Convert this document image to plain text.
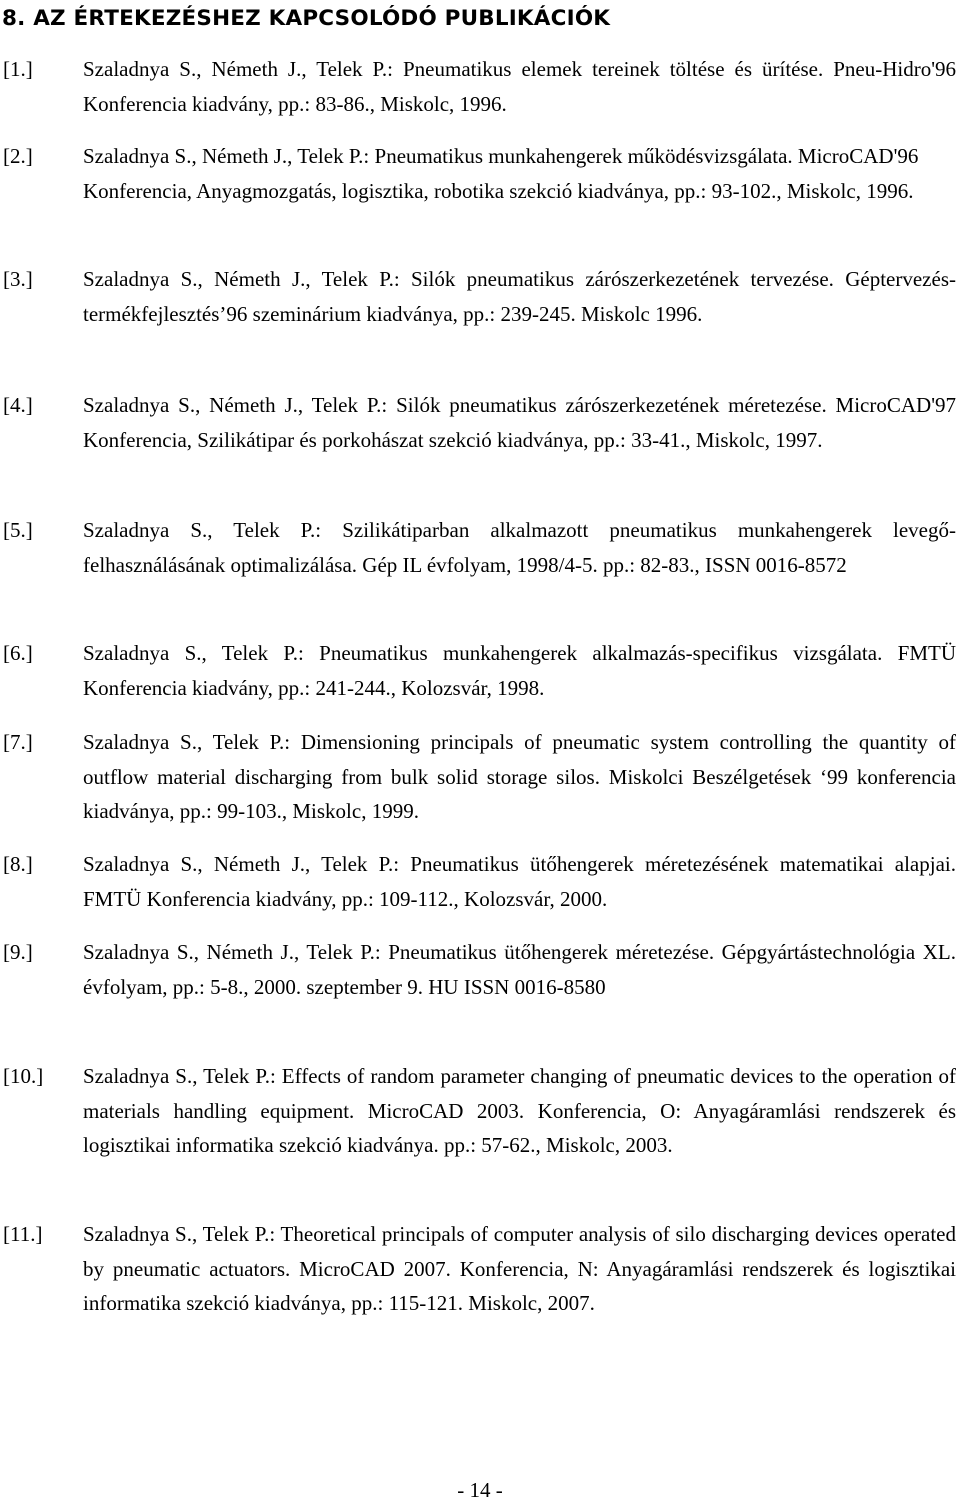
8. AZ ÉRTEKEZÉSHEZ KAPCSOLÓDÓ PUBLIKÁCIÓK
[1.] Szaladnya S., Németh J., Telek P.: Pneumatikus elemek tereinek töltése és ürítése. Pneu-Hidro'96 Konferencia kiadvány, pp.: 83-86., Miskolc, 1996.
[2.] Szaladnya S., Németh J., Telek P.: Pneumatikus munkahengerek működésvizsgálata. MicroCAD'96 Konferencia, Anyagmozgatás, logisztika, robotika szekció kiadványa, pp.: 93-102., Miskolc, 1996.
[3.] Szaladnya S., Németh J., Telek P.: Silók pneumatikus zárószerkezetének tervezése. Géptervezés-termékfejlesztés’96 szeminárium kiadványa, pp.: 239-245. Miskolc 1996.
[4.] Szaladnya S., Németh J., Telek P.: Silók pneumatikus zárószerkezetének méretezése. MicroCAD'97 Konferencia, Szilikátipar és porkohászat szekció kiadványa, pp.: 33-41., Miskolc, 1997.
[5.] Szaladnya S., Telek P.: Szilikátiparban alkalmazott pneumatikus munkahengerek levegő-felhasználásának optimalizálása. Gép IL évfolyam, 1998/4-5. pp.: 82-83., ISSN 0016-8572
[6.] Szaladnya S., Telek P.: Pneumatikus munkahengerek alkalmazás-specifikus vizsgálata. FMTÜ Konferencia kiadvány, pp.: 241-244., Kolozsvár, 1998.
[7.] Szaladnya S., Telek P.: Dimensioning principals of pneumatic system controlling the quantity of outflow material discharging from bulk solid storage silos. Miskolci Beszélgetések ‘99 konferencia kiadványa, pp.: 99-103., Miskolc, 1999.
[8.] Szaladnya S., Németh J., Telek P.: Pneumatikus ütőhengerek méretezésének matematikai alapjai. FMTÜ Konferencia kiadvány, pp.: 109-112., Kolozsvár, 2000.
[9.] Szaladnya S., Németh J., Telek P.: Pneumatikus ütőhengerek méretezése. Gépgyártástechnológia XL. évfolyam, pp.: 5-8., 2000. szeptember 9. HU ISSN 0016-8580
[10.] Szaladnya S., Telek P.: Effects of random parameter changing of pneumatic devices to the operation of materials handling equipment. MicroCAD 2003. Konferencia, O: Anyagáramlási rendszerek és logisztikai informatika szekció kiadványa. pp.: 57-62., Miskolc, 2003.
[11.] Szaladnya S., Telek P.: Theoretical principals of computer analysis of silo discharging devices operated by pneumatic actuators. MicroCAD 2007. Konferencia, N: Anyagáramlási rendszerek és logisztikai informatika szekció kiadványa, pp.: 115-121. Miskolc, 2007.
- 14 -
